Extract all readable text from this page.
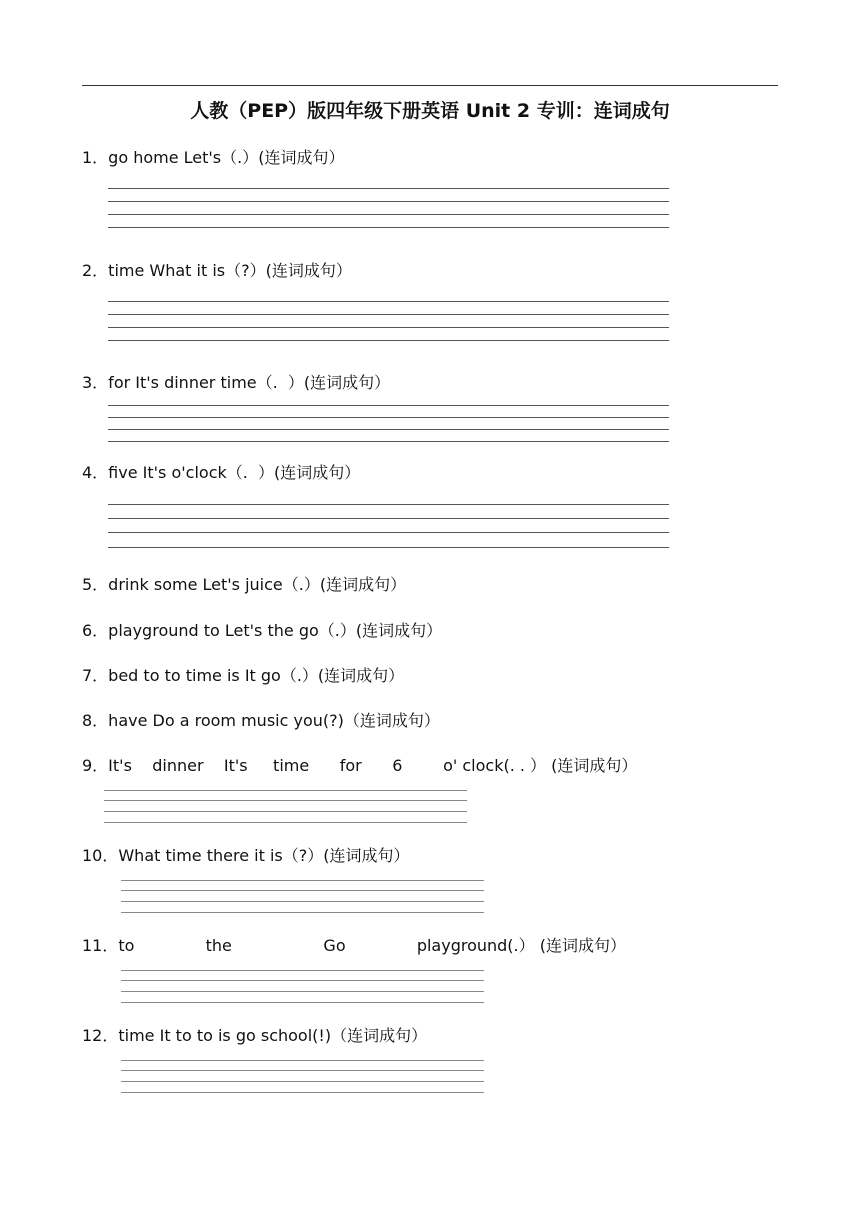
人教（PEP）版四年级下册英语 Unit 2 专训：连词成句
1．go home Let's（.）(连词成句）
2．time What it is（?）(连词成句）
3．for It's dinner time（.  ）(连词成句）
4．five It's o'clock（.  ）(连词成句）
5．drink some Let's juice（.）(连词成句）
6．playground to Let's the go（.）(连词成句）
7．bed to to time is It go（.）(连词成句）
8．have Do a room music you(?)（连词成句）
9．It's    dinner    It's     time      for      6        o' clock(. . ） (连词成句）
10．What time there it is（?）(连词成句）
11．to              the                  Go              playground(.） (连词成句）
12．time It to to is go school(!)（连词成句）
